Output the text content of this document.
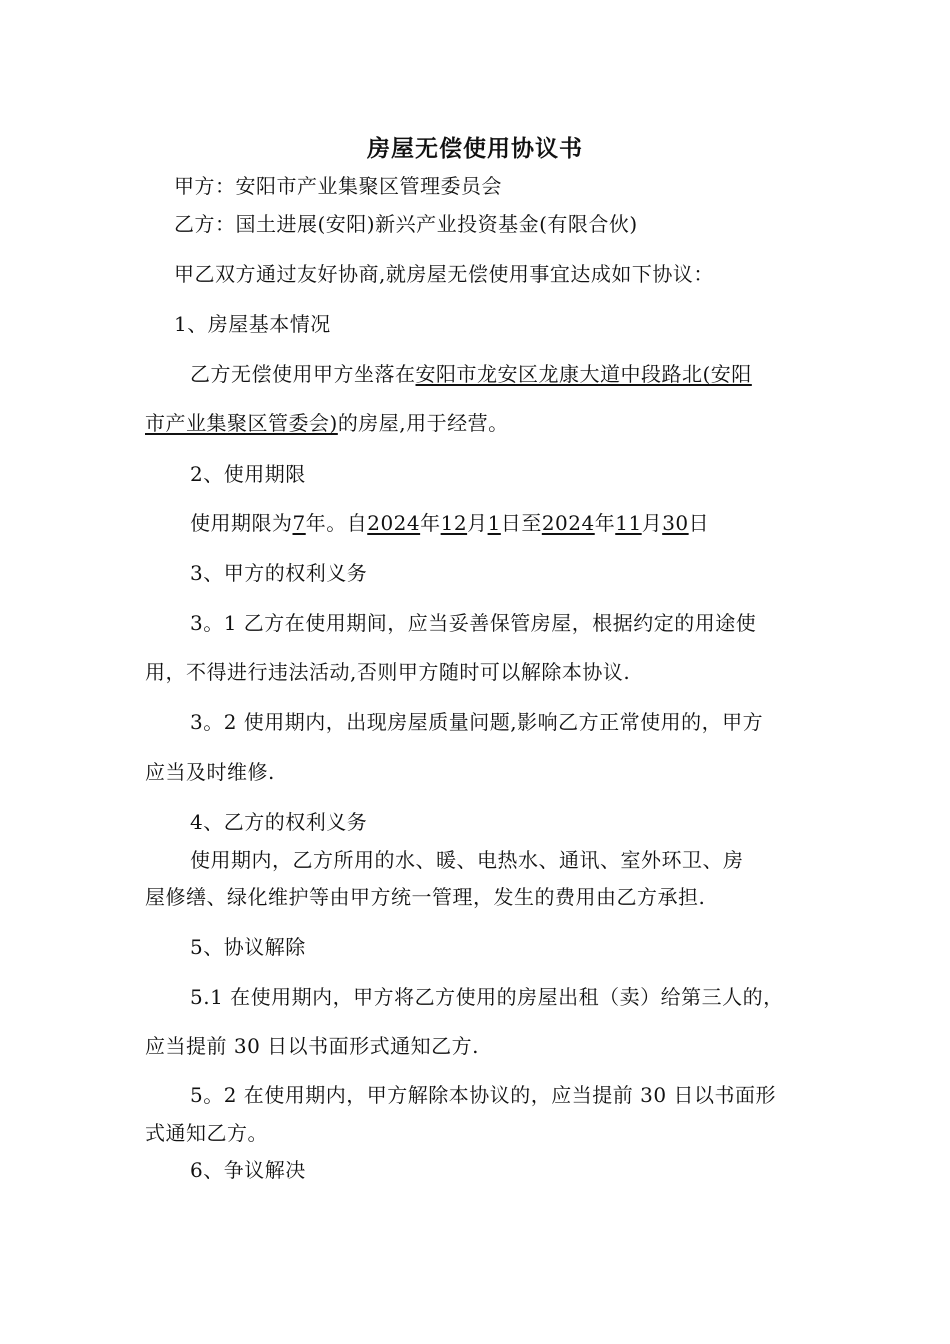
房屋无偿使用协议书
甲方：安阳市产业集聚区管理委员会
乙方：国土进展(安阳)新兴产业投资基金(有限合伙)
甲乙双方通过友好协商,就房屋无偿使用事宜达成如下协议：
1、房屋基本情况
乙方无偿使用甲方坐落在安阳市龙安区龙康大道中段路北(安阳
市产业集聚区管委会)的房屋,用于经营。
2、使用期限
使用期限为7年。自2024年12月1日至2024年11月30日
3、甲方的权利义务
3。1 乙方在使用期间，应当妥善保管房屋，根据约定的用途使
用，不得进行违法活动,否则甲方随时可以解除本协议.
3。2 使用期内，出现房屋质量问题,影响乙方正常使用的，甲方
应当及时维修.
4、乙方的权利义务
使用期内，乙方所用的水、暖、电热水、通讯、室外环卫、房
屋修缮、绿化维护等由甲方统一管理，发生的费用由乙方承担.
5、协议解除
5.1 在使用期内，甲方将乙方使用的房屋出租（卖）给第三人的，
应当提前 30 日以书面形式通知乙方.
5。2 在使用期内，甲方解除本协议的，应当提前 30 日以书面形
式通知乙方。
6、争议解决
